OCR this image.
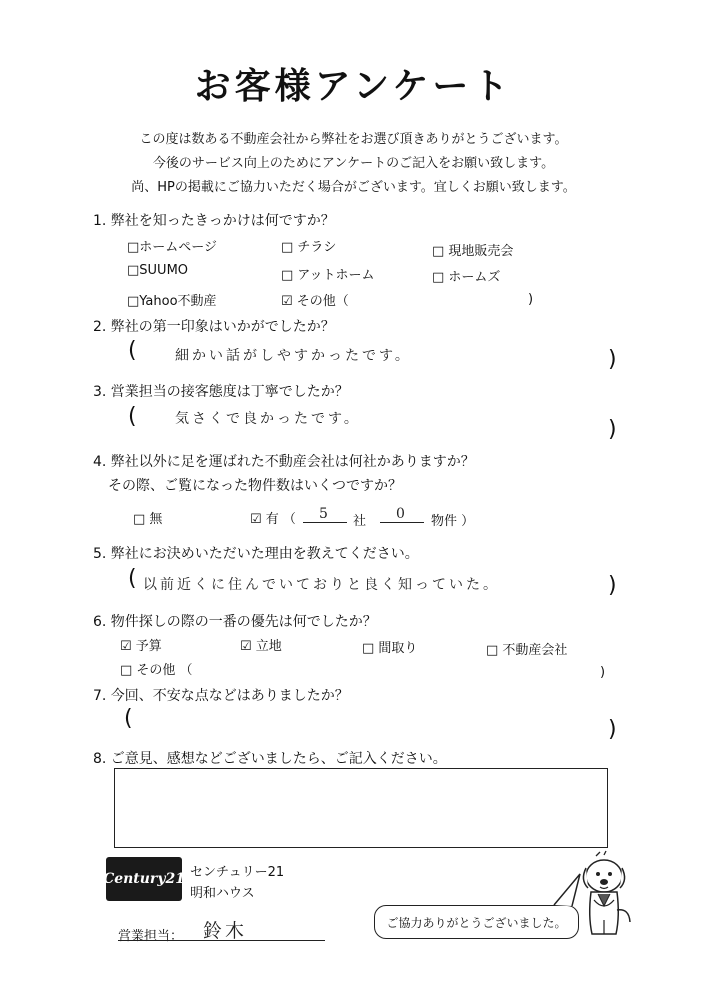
お客様アンケート
この度は数ある不動産会社から弊社をお選び頂きありがとうございます。
今後のサービス向上のためにアンケートのご記入をお願い致します。
尚、HPの掲載にご協力いただく場合がございます。宜しくお願い致します。
1. 弊社を知ったきっかけは何ですか？
□ホームページ	□ チラシ	□ 現地販売会
□SUUMO	□ アットホーム	□ ホームズ
□Yahoo不動産	☑ その他（	)
2. 弊社の第一印象はいかがでしたか？
(	細かい話がしやすかったです。	)
3. 営業担当の接客態度は丁寧でしたか？
(	気さくで良かったです。	)
4. 弊社以外に足を運ばれた不動産会社は何社かありますか？
その際、ご覧になった物件数はいくつですか？
□ 無	☑ 有 （	5	社	0	物件 ）
5. 弊社にお決めいただいた理由を教えてください。
( 以前近くに住んでいておりと良く知っていた。	)
6. 物件探しの際の一番の優先は何でしたか？
☑ 予算	☑ 立地	□ 間取り	□ 不動産会社
□ その他 （	)
7. 今回、不安な点などはありましたか？
(	)
8. ご意見、感想などございましたら、ご記入ください。
Century21 センチュリー21
明和ハウス
営業担当： 鈴木	ご協力ありがとうございました。
